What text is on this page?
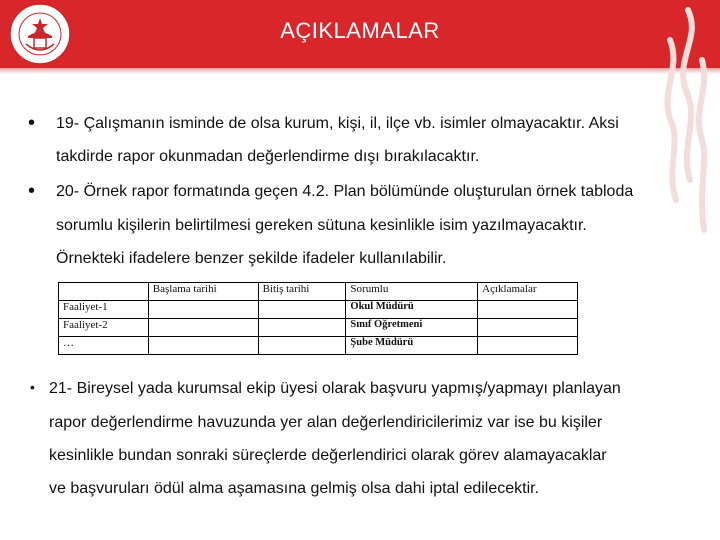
AÇIKLAMALAR
• 19- Çalışmanın isminde de olsa kurum, kişi, il, ilçe vb. isimler olmayacaktır. Aksi
takdirde rapor okunmadan değerlendirme dışı bırakılacaktır.
• 20- Örnek rapor formatında geçen 4.2. Plan bölümünde oluşturulan örnek tabloda
sorumlu kişilerin belirtilmesi gereken sütuna kesinlikle isim yazılmayacaktır.
Örnekteki ifadelere benzer şekilde ifadeler kullanılabilir.
	Başlama tarihi	Bitiş tarihi	Sorumlu	Açıklamalar
Faaliyet-1			Okul Müdürü	
Faaliyet-2			Sınıf Öğretmeni	
…			Şube Müdürü	
• 21- Bireysel yada kurumsal ekip üyesi olarak başvuru yapmış/yapmayı planlayan
rapor değerlendirme havuzunda yer alan değerlendiricilerimiz var ise bu kişiler
kesinlikle bundan sonraki süreçlerde değerlendirici olarak görev alamayacaklar
ve başvuruları ödül alma aşamasına gelmiş olsa dahi iptal edilecektir.
